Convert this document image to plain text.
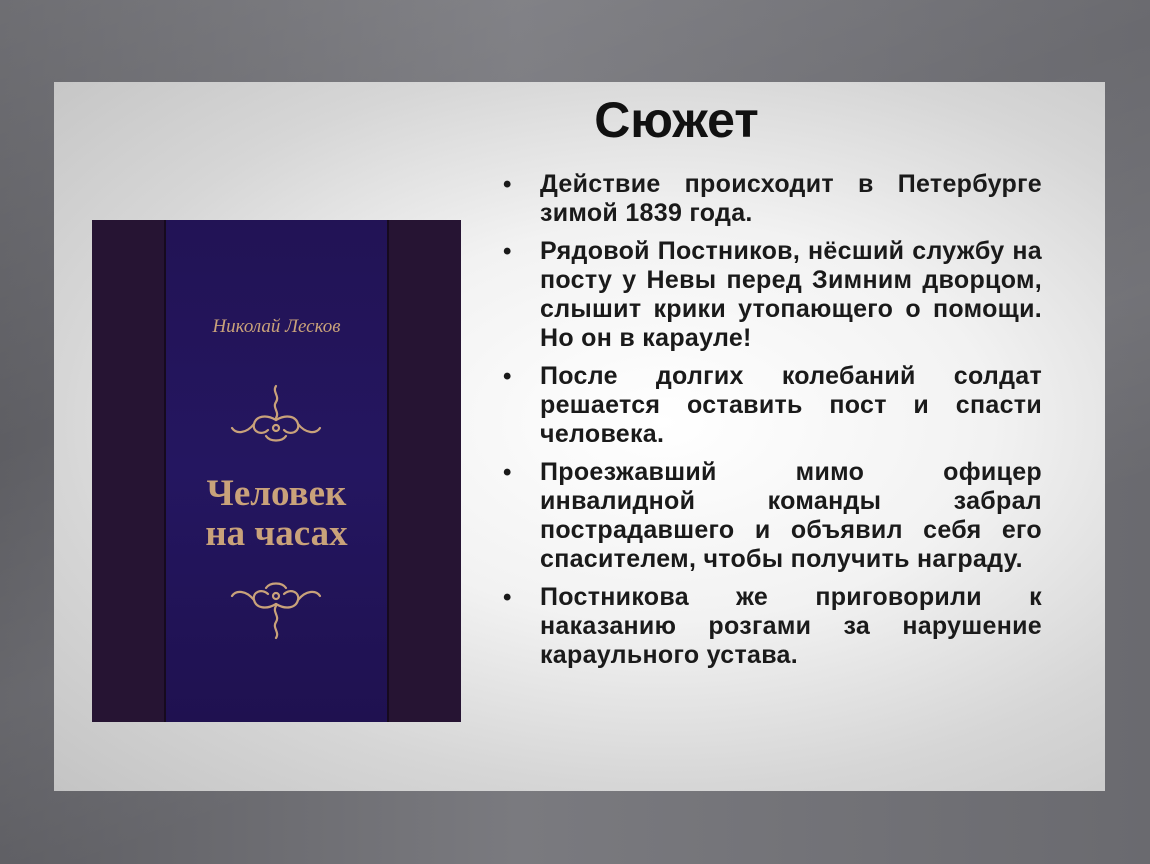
Сюжет
Николай Лесков
Человек
на часах
• Действие происходит в Петербурге зимой 1839 года.
• Рядовой Постников, нёсший службу на посту у Невы перед Зимним дворцом, слышит крики утопающего о помощи. Но он в карауле!
• После долгих колебаний солдат решается оставить пост и спасти человека.
• Проезжавший мимо офицер инвалидной команды забрал пострадавшего и объявил себя его спасителем, чтобы получить награду.
• Постникова же приговорили к наказанию розгами за нарушение караульного устава.
